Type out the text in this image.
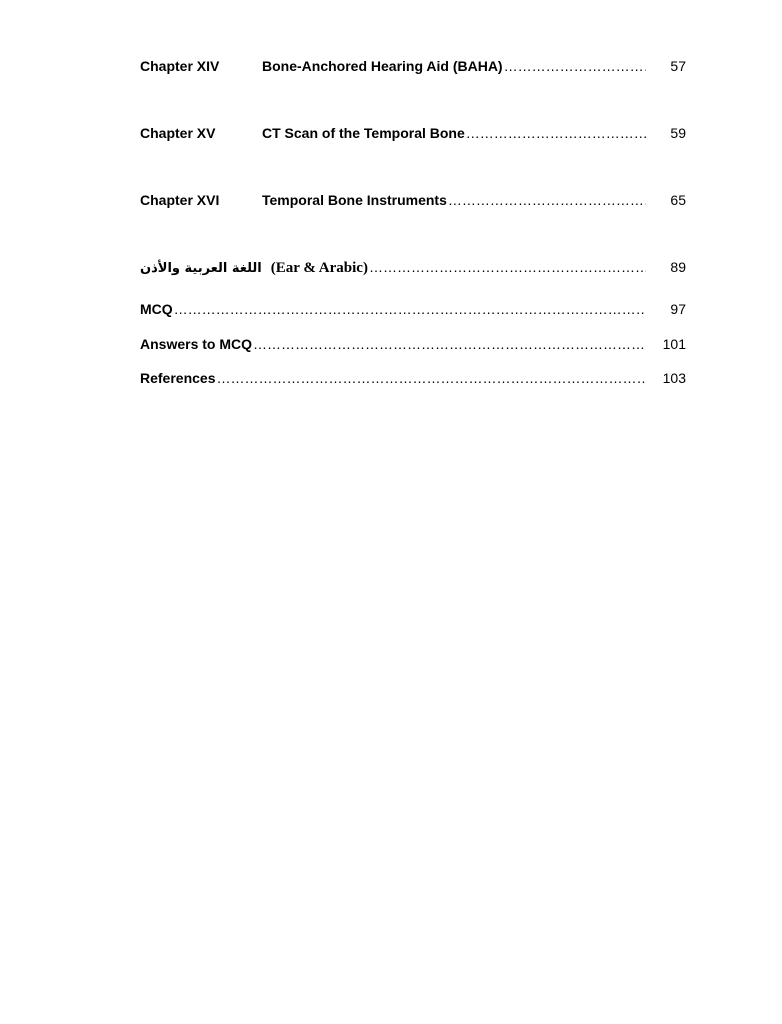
Chapter XIV	Bone-Anchored Hearing Aid (BAHA) ……………………………………………………………………………………………………………………………………………………………………	57
Chapter XV	CT Scan of the Temporal Bone ……………………………………………………………………………………………………………………………………………………………………	59
Chapter XVI	Temporal Bone Instruments ……………………………………………………………………………………………………………………………………………………………………	65
اللغة العربية والأذن (Ear & Arabic) ……………………………………………………………………………………………………………………………………………………………………	89
MCQ ……………………………………………………………………………………………………………………………………………………………………	97
Answers to MCQ ……………………………………………………………………………………………………………………………………………………………………	101
References ……………………………………………………………………………………………………………………………………………………………………	103
